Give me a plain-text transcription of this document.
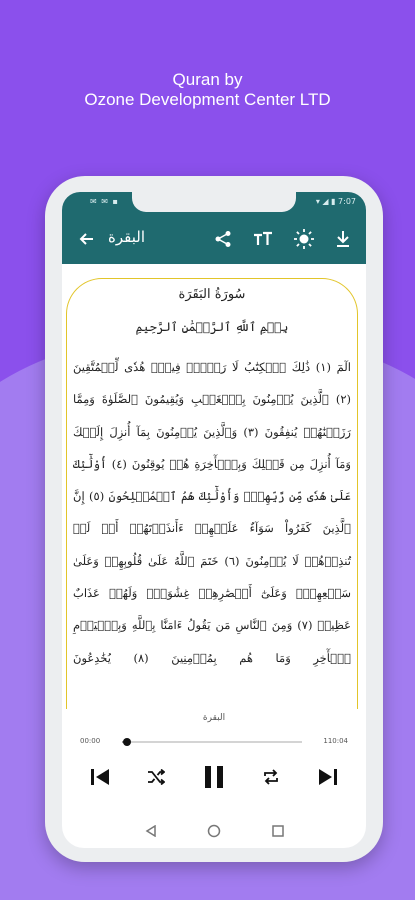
Quran by
Ozone Development Center LTD
✉ ✉ ▪	▾ ◢ ▮ 7:07
البقرة
سُورَةُ البَقَرَة
بِسۡمِ ٱللَّهِ ٱلرَّحۡمَٰنِ ٱلرَّحِيمِ
الٓمٓ (١) ذَٰلِكَ ٱلۡكِتَٰبُ لَا رَيۡبَۛ فِيهِۛ هُدٗى لِّلۡمُتَّقِينَ (٢) ٱلَّذِينَ يُؤۡمِنُونَ بِٱلۡغَيۡبِ وَيُقِيمُونَ ٱلصَّلَوٰةَ وَمِمَّا رَزَقۡنَٰهُمۡ يُنفِقُونَ (٣) وَٱلَّذِينَ يُؤۡمِنُونَ بِمَآ أُنزِلَ إِلَيۡكَ وَمَآ أُنزِلَ مِن قَبۡلِكَ وَبِٱلۡأٓخِرَةِ هُمۡ يُوقِنُونَ (٤) أُوْلَٰٓئِكَ عَلَىٰ هُدٗى مِّن رَّبِّهِمۡۖ وَأُوْلَٰٓئِكَ هُمُ ٱلۡمُفۡلِحُونَ (٥) إِنَّ ٱلَّذِينَ كَفَرُواْ سَوَآءٌ عَلَيۡهِمۡ ءَأَنذَرۡتَهُمۡ أَمۡ لَمۡ تُنذِرۡهُمۡ لَا يُؤۡمِنُونَ (٦) خَتَمَ ٱللَّهُ عَلَىٰ قُلُوبِهِمۡ وَعَلَىٰ سَمۡعِهِمۡۖ وَعَلَىٰٓ أَبۡصَٰرِهِمۡ غِشَٰوَةٞۖ وَلَهُمۡ عَذَابٌ عَظِيمٞ (٧) وَمِنَ ٱلنَّاسِ مَن يَقُولُ ءَامَنَّا بِٱللَّهِ وَبِٱلۡيَوۡمِ ٱلۡأٓخِرِ وَمَا هُم بِمُؤۡمِنِينَ (٨) يُخَٰدِعُونَ
البقرة
00:00	110:04
